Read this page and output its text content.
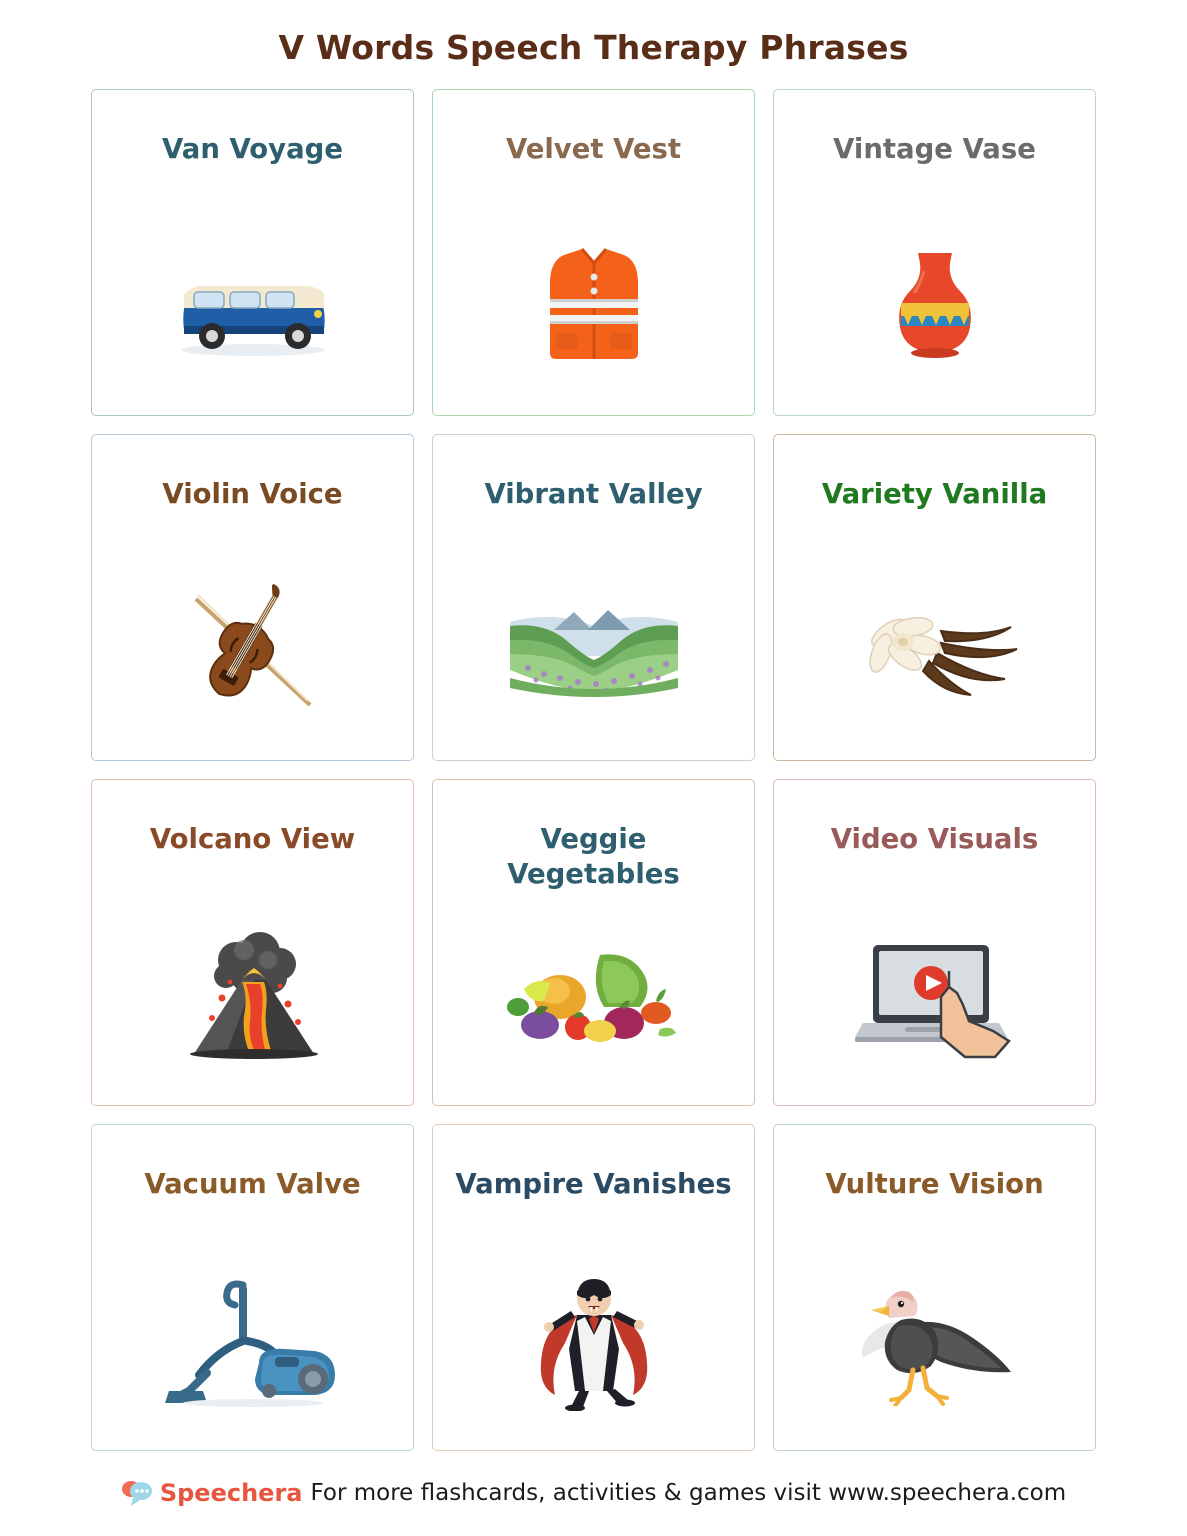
V Words Speech Therapy Phrases
Van Voyage	Velvet Vest	Vintage Vase
Violin Voice	Vibrant Valley	Variety Vanilla
Volcano View	Veggie Vegetables
Video Visuals
Vacuum Valve	Vampire Vanishes	Vulture Vision
Speechera For more flashcards, activities & games visit www.speechera.com
